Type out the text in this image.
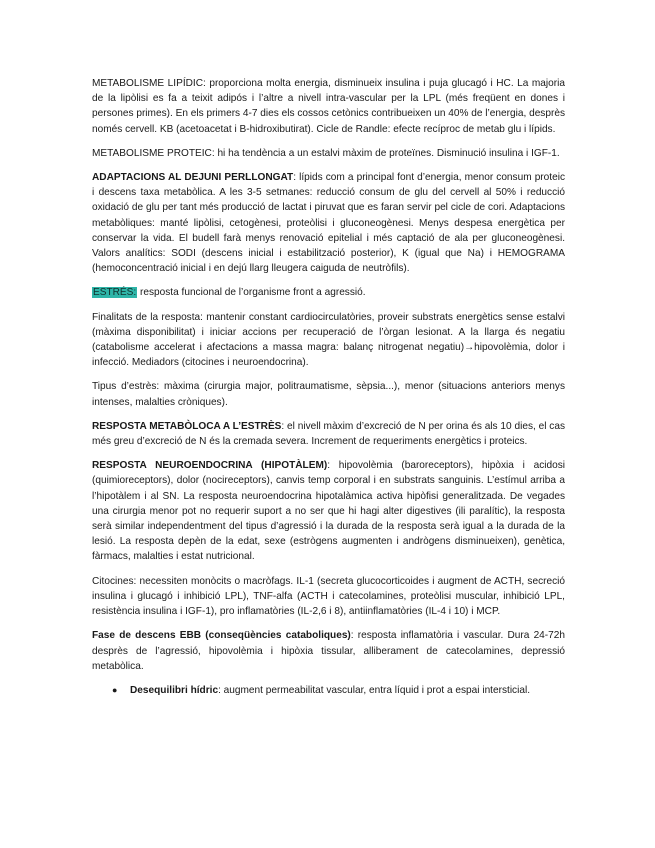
METABOLISME LIPÍDIC: proporciona molta energia, disminueix insulina i puja glucagó i HC. La majoria de la lipòlisi es fa a teixit adipós i l’altre a nivell intra-vascular per la LPL (més freqüent en dones i persones primes). En els primers 4-7 dies els cossos cetònics contribueixen un 40% de l’energia, desprès només cervell. KB (acetoacetat i B-hidroxibutirat). Cicle de Randle: efecte recíproc de metab glu i lípids.

METABOLISME PROTEIC: hi ha tendència a un estalvi màxim de proteïnes. Disminució insulina i IGF-1.

ADAPTACIONS AL DEJUNI PERLLONGAT: lípids com a principal font d’energia, menor consum proteic i descens taxa metabòlica. A les 3-5 setmanes: reducció consum de glu del cervell al 50% i reducció oxidació de glu per tant més producció de lactat i piruvat que es faran servir pel cicle de cori. Adaptacions metabòliques: manté lipòlisi, cetogènesi, proteòlisi i gluconeogènesi. Menys despesa energètica per conservar la vida. El budell farà menys renovació epitelial i més captació de ala per gluconeogènesi. Valors analítics: SODI (descens inicial i estabilització posterior), K (igual que Na) i HEMOGRAMA (hemoconcentració inicial i en dejú llarg lleugera caiguda de neutròfils).

ESTRÉS: resposta funcional de l’organisme front a agressió.

Finalitats de la resposta: mantenir constant cardiocirculatòries, proveir substrats energètics sense estalvi (màxima disponibilitat) i iniciar accions per recuperació de l’òrgan lesionat. A la llarga és negatiu (catabolisme accelerat i afectacions a massa magra: balanç nitrogenat negatiu)→hipovolèmia, dolor i infecció. Mediadors (citocines i neuroendocrina).

Tipus d’estrès: màxima (cirurgia major, politraumatisme, sèpsia...), menor (situacions anteriors menys intenses, malalties cròniques).

RESPOSTA METABÒLOCA A L’ESTRÈS: el nivell màxim d’excreció de N per orina és als 10 dies, el cas més greu d’excreció de N és la cremada severa. Increment de requeriments energètics i proteics.

RESPOSTA NEUROENDOCRINA (HIPOTÀLEM): hipovolèmia (baroreceptors), hipòxia i acidosi (quimioreceptors), dolor (nocireceptors), canvis temp corporal i en substrats sanguinis. L’estímul arriba a l’hipotàlem i al SN. La resposta neuroendocrina hipotalàmica activa hipòfisi generalitzada. De vegades una cirurgia menor pot no requerir suport a no ser que hi hagi alter digestives (ili paralític), la resposta serà similar independentment del tipus d’agressió i la durada de la resposta serà igual a la durada de la lesió. La resposta depèn de la edat, sexe (estrògens augmenten i andrògens disminueixen), genètica, fàrmacs, malalties i estat nutricional.

Citocines: necessiten monòcits o macròfags. IL-1 (secreta glucocorticoides i augment de ACTH, secreció insulina i glucagó i inhibició LPL), TNF-alfa (ACTH i catecolamines, proteòlisi muscular, inhibició LPL, resistència insulina i IGF-1), pro inflamatòries (IL-2,6 i 8), antiinflamatòries (IL-4 i 10) i MCP.

Fase de descens EBB (conseqüències cataboliques): resposta inflamatòria i vascular. Dura 24-72h desprès de l’agressió, hipovolèmia i hipòxia tissular, alliberament de catecolamines, depressió metabòlica.

● Desequilibri hídric: augment permeabilitat vascular, entra líquid i prot a espai intersticial.
